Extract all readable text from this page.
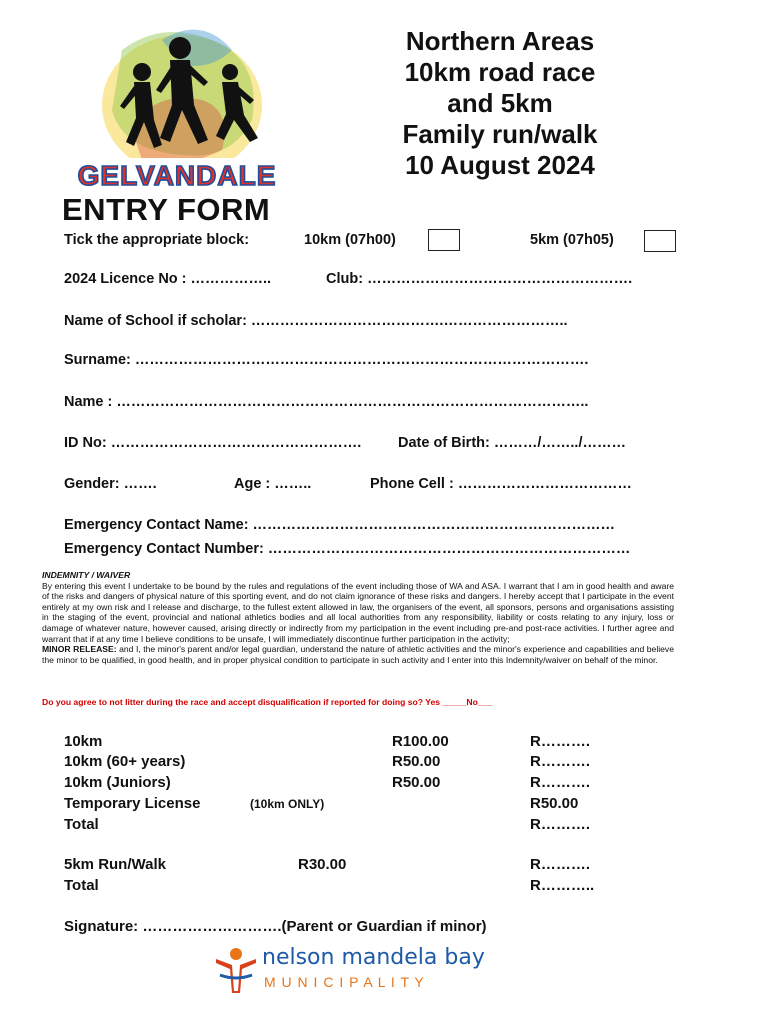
GELVANDALE
Northern Areas
10km road race
and 5km
Family run/walk
10 August 2024
ENTRY FORM
Tick the appropriate block:	10km (07h00)	5km (07h05)
2024 Licence No : ……………..	Club: ……………………………………………….
Name of School if scholar: ………………………………….……………………..
Surname: ………………………………………………………………………………….
Name : ……………………………………………………………………………………..
ID No: …………………………………………….	Date of Birth: ………/……../………
Gender: …….	Age : ……..	Phone Cell : ………………………………
Emergency Contact Name: …………………………………………………………………
Emergency Contact Number: …………………………………………………………………

INDEMNITY / WAIVER

By entering this event I undertake to be bound by the rules and regulations of the event including those of WA and ASA. I warrant that I am in good health and aware of the risks and dangers of physical nature of this sporting event, and do not claim ignorance of these risks and dangers. I hereby accept that I participate in the event entirely at my own risk and I release and discharge, to the fullest extent allowed in law, the organisers of the event, all sponsors, persons and organisations assisting in the staging of the event, provincial and national athletics bodies and all local authorities from any responsibility, liability or costs relating to any injury, loss or damage of whatever nature, however caused, arising directly or indirectly from my participation in the event including pre-and post-race activities. I further agree and warrant that if at any time I believe conditions to be unsafe, I will immediately discontinue further participation in the activity;

MINOR RELEASE: and I, the minor's parent and/or legal guardian, understand the nature of athletic activities and the minor's experience and capabilities and believe the minor to be qualified, in good health, and in proper physical condition to participate in such activity and I enter into this Indemnity/waiver on behalf of the minor.

Do you agree to not litter during the race and accept disqualification if reported for doing so? Yes _____No___
10km	R100.00	R……….
10km (60+ years)	R50.00	R……….
10km (Juniors)	R50.00	R……….
Temporary License	(10km ONLY)	R50.00
Total	R……….
5km Run/Walk	R30.00	R……….
Total	R………..
Signature: ……………………….(Parent or Guardian if minor)
nelson mandela bay
M U N I C I P A L I T Y
